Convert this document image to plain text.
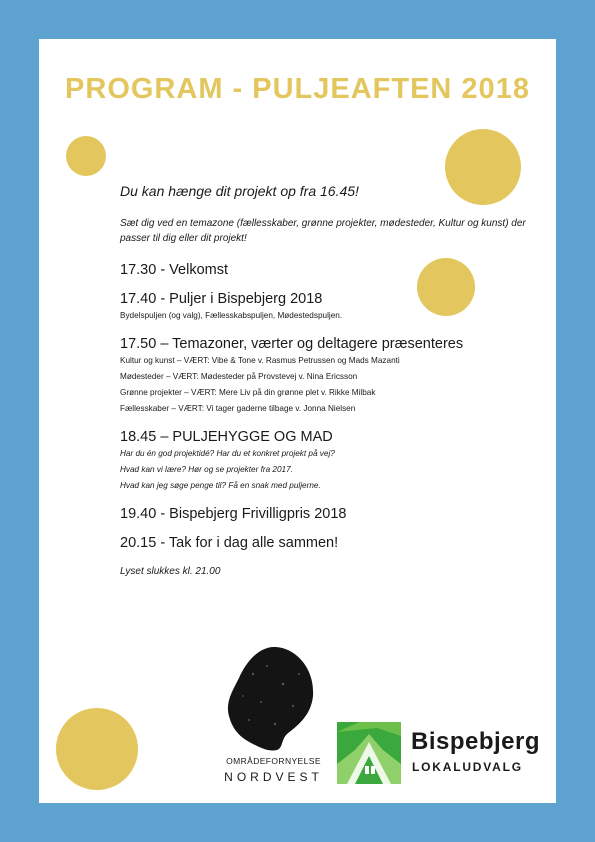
PROGRAM - PULJEAFTEN 2018

Du kan hænge dit projekt op fra 16.45!

Sæt dig ved en temazone (fællesskaber, grønne projekter, mødesteder, Kultur og kunst) der passer til dig eller dit projekt!

17.30 - Velkomst
17.40 - Puljer i Bispebjerg 2018
Bydelspuljen (og valg), Fællesskabspuljen, Mødestedspuljen.
17.50 – Temazoner, værter og deltagere præsenteres
Kultur og kunst – VÆRT: Vibe & Tone v. Rasmus Petrussen og Mads Mazanti
Mødesteder – VÆRT: Mødesteder på Provstevej v. Nina Ericsson
Grønne projekter – VÆRT: Mere Liv på din grønne plet v. Rikke Milbak
Fællesskaber – VÆRT: Vi tager gaderne tilbage v. Jonna Nielsen
18.45 – PULJEHYGGE OG MAD
Har du én god projektidé? Har du et konkret projekt på vej?
Hvad kan vi lære? Hør og se projekter fra 2017.
Hvad kan jeg søge penge til? Få en snak med puljerne.
19.40 - Bispebjerg Frivilligpris 2018
20.15 - Tak for i dag alle sammen!
Lyset slukkes kl. 21.00
OMRÅDEFORNYELSE
NORDVEST
Bispebjerg
LOKALUDVALG
